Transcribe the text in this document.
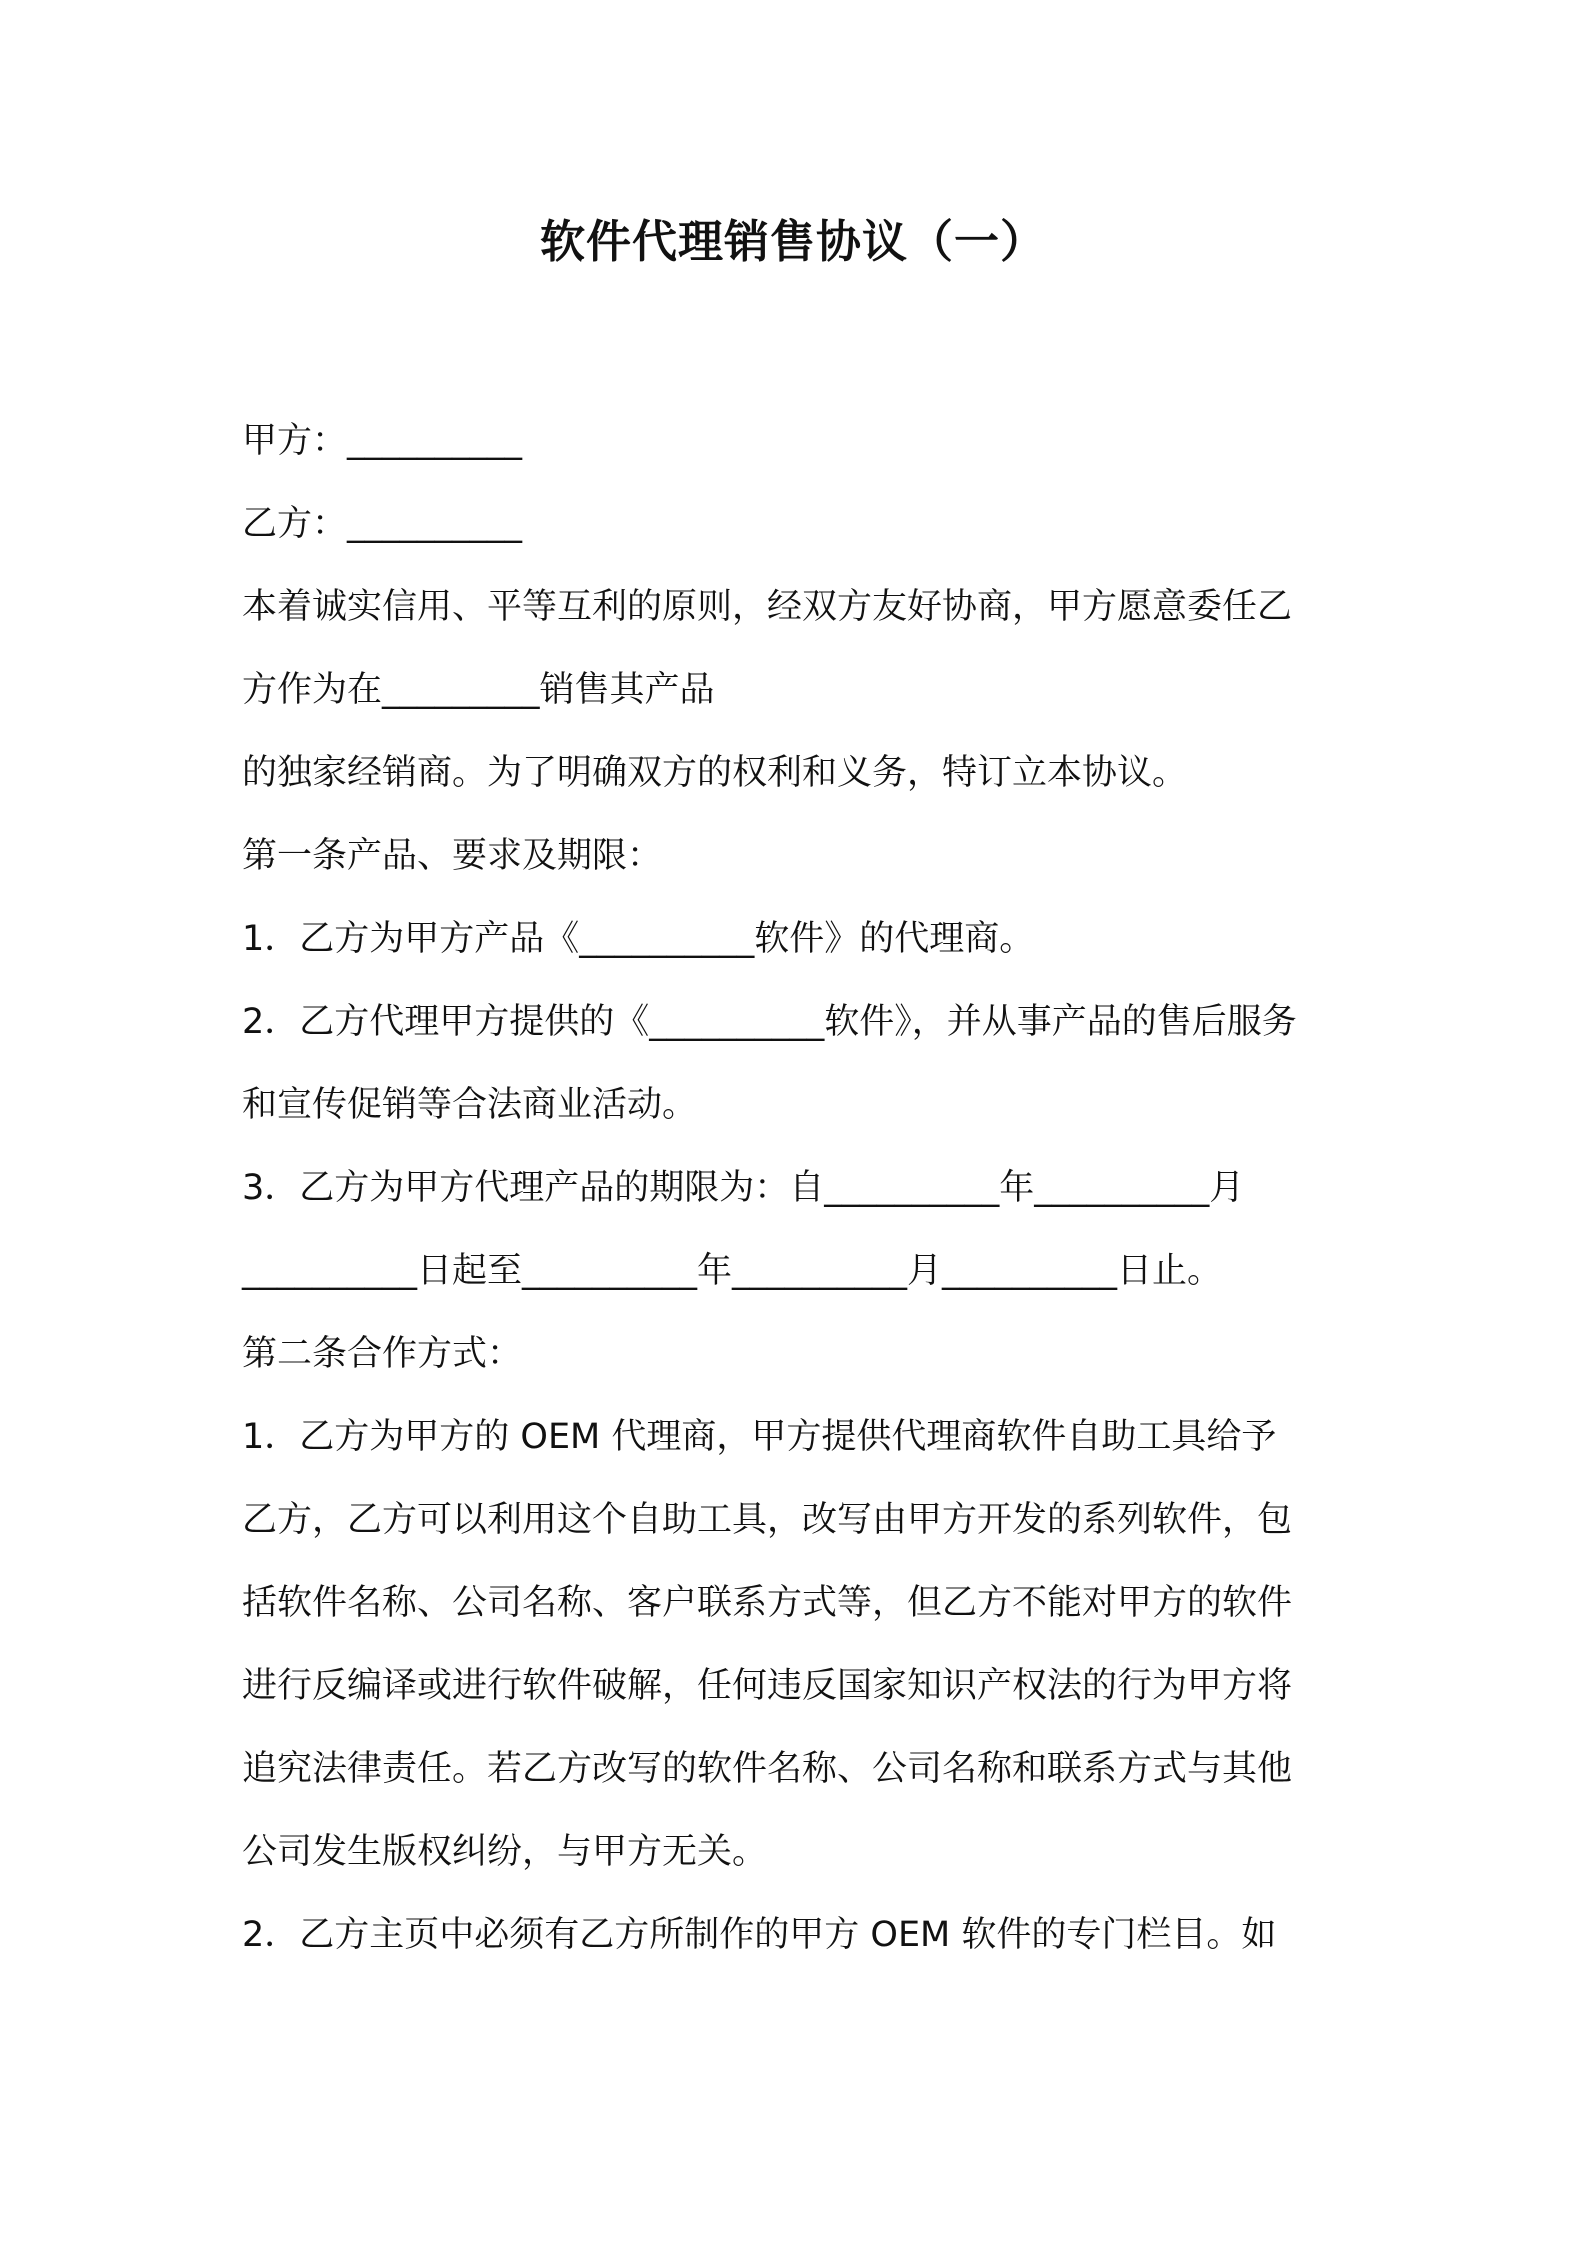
软件代理销售协议（一）
甲方：__________
乙方：__________
本着诚实信用、平等互利的原则，经双方友好协商，甲方愿意委任乙
方作为在_________销售其产品
的独家经销商。为了明确双方的权利和义务，特订立本协议。
第一条产品、要求及期限：
1．乙方为甲方产品《__________软件》的代理商。
2．乙方代理甲方提供的《__________软件》，并从事产品的售后服务
和宣传促销等合法商业活动。
3．乙方为甲方代理产品的期限为：自__________年__________月
__________日起至__________年__________月__________日止。
第二条合作方式：
1．乙方为甲方的 OEM 代理商，甲方提供代理商软件自助工具给予
乙方，乙方可以利用这个自助工具，改写由甲方开发的系列软件，包
括软件名称、公司名称、客户联系方式等，但乙方不能对甲方的软件
进行反编译或进行软件破解，任何违反国家知识产权法的行为甲方将
追究法律责任。若乙方改写的软件名称、公司名称和联系方式与其他
公司发生版权纠纷，与甲方无关。
2．乙方主页中必须有乙方所制作的甲方 OEM 软件的专门栏目。如
